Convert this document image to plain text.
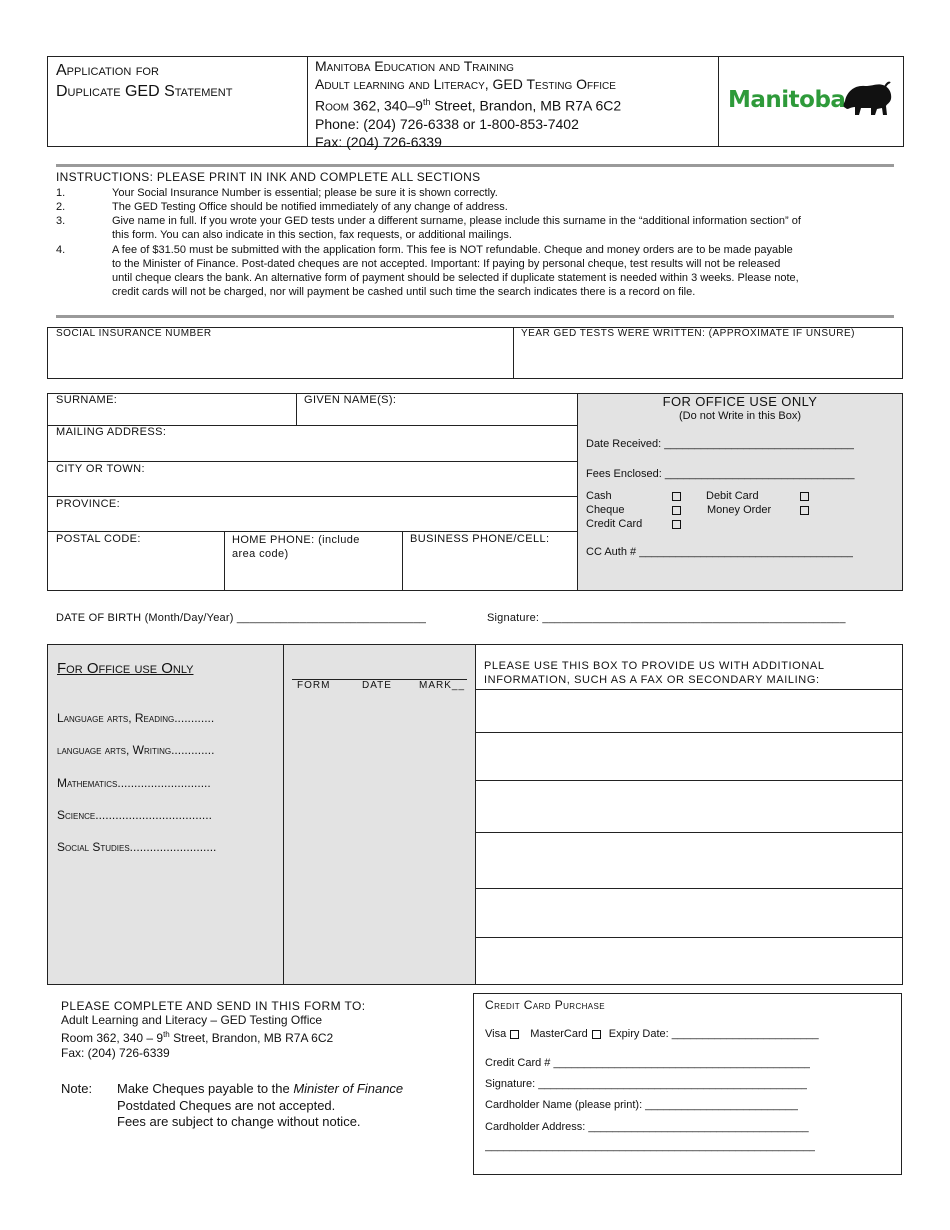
Application for
Duplicate GED Statement
Manitoba Education and Training
Adult learning and Literacy, GED Testing Office
Room 362, 340–9th Street, Brandon, MB R7A 6C2
Phone: (204) 726-6338 or 1-800-853-7402
Fax: (204) 726-6339
Manitoba
INSTRUCTIONS: PLEASE PRINT IN INK AND COMPLETE ALL SECTIONS
1.	Your Social Insurance Number is essential; please be sure it is shown correctly.
2.	The GED Testing Office should be notified immediately of any change of address.
3.	Give name in full. If you wrote your GED tests under a different surname, please include this surname in the “additional information section” of
this form. You can also indicate in this section, fax requests, or additional mailings.
4.	A fee of $31.50 must be submitted with the application form. This fee is NOT refundable. Cheque and money orders are to be made payable
to the Minister of Finance. Post-dated cheques are not accepted. Important: If paying by personal cheque, test results will not be released
until cheque clears the bank. An alternative form of payment should be selected if duplicate statement is needed within 3 weeks. Please note,
credit cards will not be charged, nor will payment be cashed until such time the search indicates there is a record on file.
SOCIAL INSURANCE NUMBER	YEAR GED TESTS WERE WRITTEN: (APPROXIMATE IF UNSURE)
SURNAME:	GIVEN NAME(S):
MAILING ADDRESS:
CITY OR TOWN:
PROVINCE:
POSTAL CODE:	HOME PHONE: (include
area code)
BUSINESS PHONE/CELL:
FOR OFFICE USE ONLY
(Do not Write in this Box)
Date Received: _______________________________
Fees Enclosed: _______________________________
Cash	Debit Card
Cheque	Money Order
Credit Card
CC Auth # ___________________________________
DATE OF BIRTH (Month/Day/Year) ______________________________	Signature: ________________________________________________
For Office use Only
Language arts, Reading............
language arts, Writing.............
Mathematics............................
Science...................................
Social Studies..........................
FORM	DATE	MARK__
PLEASE USE THIS BOX TO PROVIDE US WITH ADDITIONAL
INFORMATION, SUCH AS A FAX OR SECONDARY MAILING:
PLEASE COMPLETE AND SEND IN THIS FORM TO:
Adult Learning and Literacy – GED Testing Office
Room 362, 340 – 9th Street, Brandon, MB R7A 6C2
Fax: (204) 726-6339
Note: Make Cheques payable to the Minister of Finance
Postdated Cheques are not accepted.
Fees are subject to change without notice.
Credit Card Purchase
Visa MasterCard Expiry Date: ________________________
Credit Card # __________________________________________
Signature: ____________________________________________
Cardholder Name (please print): _________________________
Cardholder Address: ____________________________________
______________________________________________________
